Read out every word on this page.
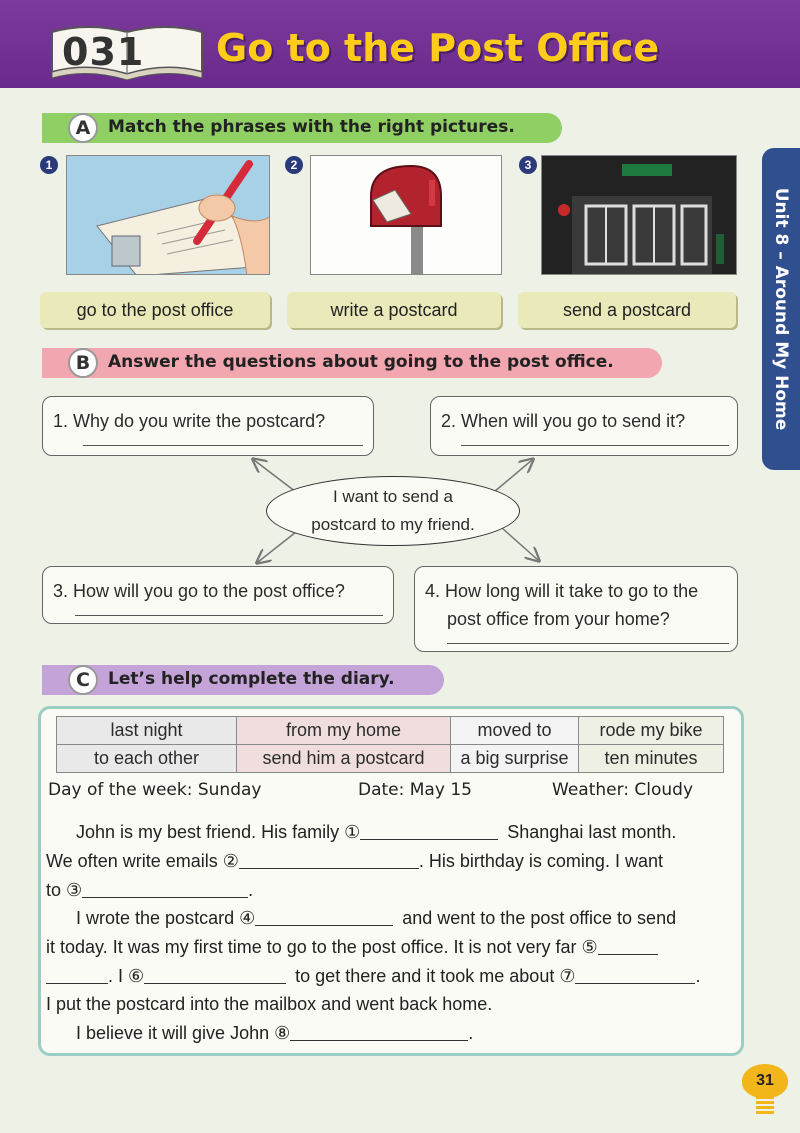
031	Go to the Post Office
Unit 8 – Around My Home
A	Match the phrases with the right pictures.
1	2	3
go to the post office	write a postcard	send a postcard
B	Answer the questions about going to the post office.
1. Why do you write the postcard?	2. When will you go to send it?
3. How will you go to the post office?	4. How long will it take to go to the
post office from your home?
I want to send a
postcard to my friend.
C	Let’s help complete the diary.
last night	from my home	moved to	rode my bike
to each other	send him a postcard	a big surprise	ten minutes
Day of the week: Sunday	Date: May 15	Weather: Cloudy
John is my best friend. His family ①	Shanghai last month.
We often write emails ②	. His birthday is coming. I want
to ③	.
I wrote the postcard ④	and went to the post office to send
it today. It was my first time to go to the post office. It is not very far ⑤
. I ⑥	to get there and it took me about ⑦	.
I put the postcard into the mailbox and went back home.
I believe it will give John ⑧	.
31
